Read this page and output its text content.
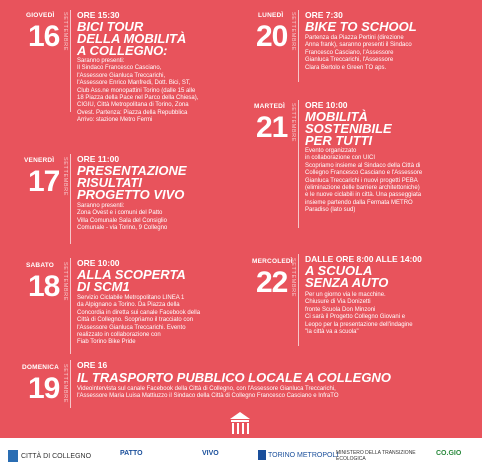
GIOVEDÌ
16 SETTEMBRE ORE 15:30
BICI TOUR
DELLA MOBILITÀ
A COLLEGNO:
Saranno presenti:
Il Sindaco Francesco Casciano,
l'Assessore Gianluca Treccarichi,
l'Assessore Enrico Manfredi, Dott. Bici, ST,
Club Ass.ne monopattini Torino (dalle 15 alle
18 Piazza della Pace nel Parco della Chiesa),
CIGIU, Città Metropolitana di Torino, Zona
Ovest. Partenza: Piazza della Repubblica
Arrivo: stazione Metro Fermi
LUNEDÌ
20 SETTEMBRE ORE 7:30
BIKE TO SCHOOL
Partenza da Piazza Pertini (direzione
Anna frank), saranno presenti il Sindaco
Francesco Casciano, l'Assessore
Gianluca Treccarichi, l'Assessore
Clara Bertolo e Green TO aps.
MARTEDÌ
21 SETTEMBRE ORE 10:00
MOBILITÀ
SOSTENIBILE
PER TUTTI
Evento organizzato
in collaborazione con UICI
Scopriamo insieme al Sindaco della Città di
Collegno Francesco Casciano e l'Assessore
Gianluca Treccarichi i nuovi progetti PEBA
(eliminazione delle barriere architettoniche)
e le nuove ciclabili in città. Una passeggiata
insieme partendo dalla Fermata METRO
Paradiso (lato sud)
VENERDÌ
17 SETTEMBRE ORE 11:00
PRESENTAZIONE
RISULTATI
PROGETTO VIVO
Saranno presenti:
Zona Ovest e i comuni del Patto
Villa Comunale Sala del Consiglio
Comunale - via Torino, 9 Collegno
SABATO
18 SETTEMBRE ORE 10:00
ALLA SCOPERTA
DI SCM1
Servizio Ciclabile Metropolitano LINEA 1
da Alpignano a Torino. Da Piazza della
Concordia in diretta sui canale Facebook della
Città di Collegno. Scopriamo il tracciato con
l'Assessore Gianluca Treccarichi. Evento
realizzato in collaborazione con
Fiab Torino Bike Pride
MERCOLEDÌ
22 SETTEMBRE DALLE ORE 8:00 ALLE 14:00
A SCUOLA
SENZA AUTO
Per un giorno via le macchine.
Chiusure di Via Donizetti
fronte Scuola Don Minzoni
Ci sarà il Progetto Collegno Giovani e
Leopo per la presentazione dell'indagine
"la città va a scuola"
DOMENICA
19 SETTEMBRE ORE 16
IL TRASPORTO PUBBLICO LOCALE A COLLEGNO
Videointervista sul canale Facebook della Città di Collegno, con l'Assessore Gianluca Treccarichi,
l'Assessore Maria Luisa Mattiuzzo il Sindaco della Città di Collegno Francesco Casciano e InfraTO
CITTÀ DI COLLEGNO	PATTO	VIVO	TORINO METROPOLI
MINISTERO DELLA TRANSIZIONE ECOLOGICA
CO.GIO
